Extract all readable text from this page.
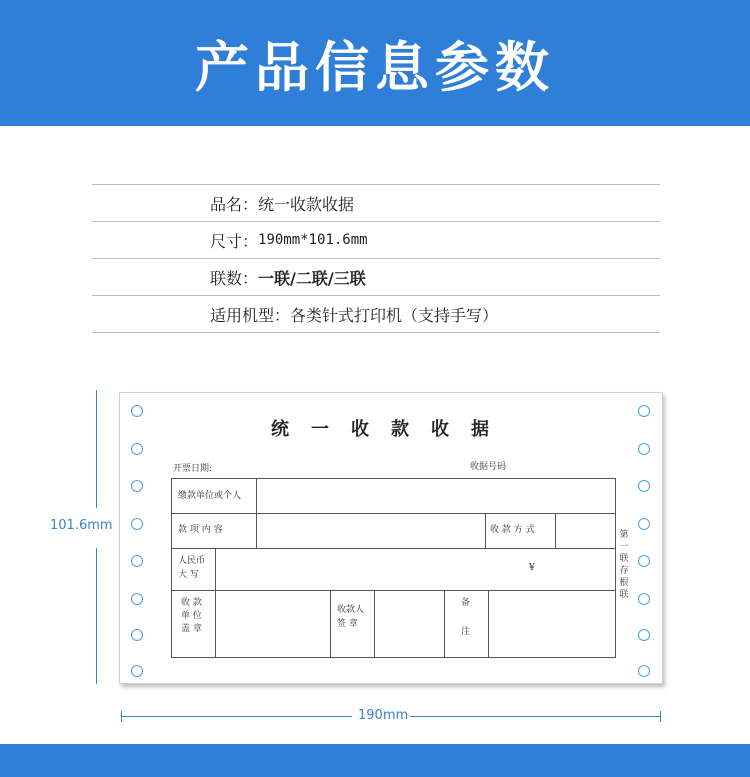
产品信息参数
品名： 统一收款收据
尺寸： 190mm*101.6mm
联数： 一联/二联/三联
适用机型： 各类针式打印机（支持手写）
101.6mm
统一收款收据
开票日期:	收据号码
缴款单位或个人
款 项 内 容	收 款 方 式
人民币
大 写
¥
收 款
单 位
盖 章
收款人
签 章
备
注
第一联存根联
190mm
